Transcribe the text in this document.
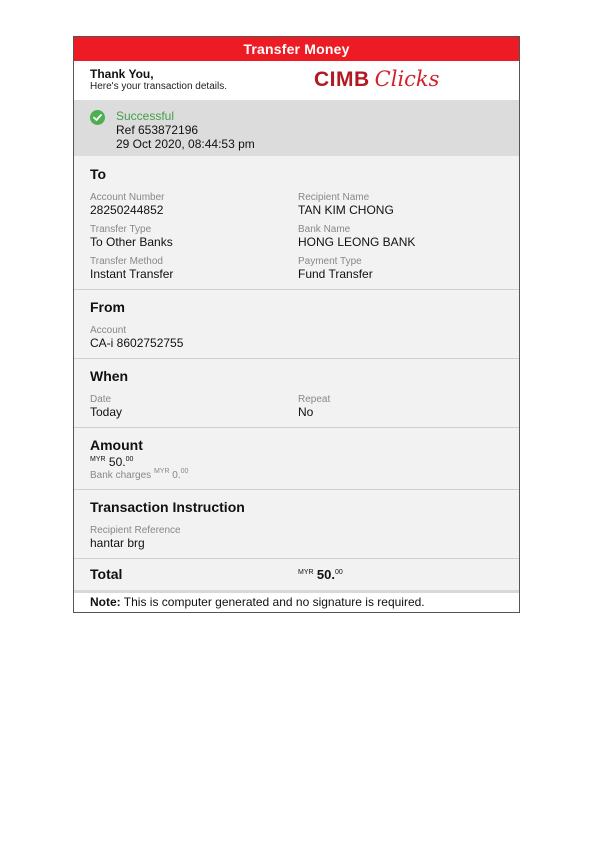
Transfer Money
Thank You,
Here's your transaction details.	CIMB Clicks
Successful
Ref 653872196
29 Oct 2020, 08:44:53 pm
To
Account Number
28250244852
Recipient Name
TAN KIM CHONG
Transfer Type
To Other Banks
Bank Name
HONG LEONG BANK
Transfer Method
Instant Transfer
Payment Type
Fund Transfer
From
Account
CA-i 8602752755
When
Date
Today
Repeat
No
Amount
$^{MYR}$ 50.00
Bank charges $^{MYR}$ 0.00
Transaction Instruction
Recipient Reference
hantar brg
Total	$^{MYR}$ 50.00
Note: This is computer generated and no signature is required.
